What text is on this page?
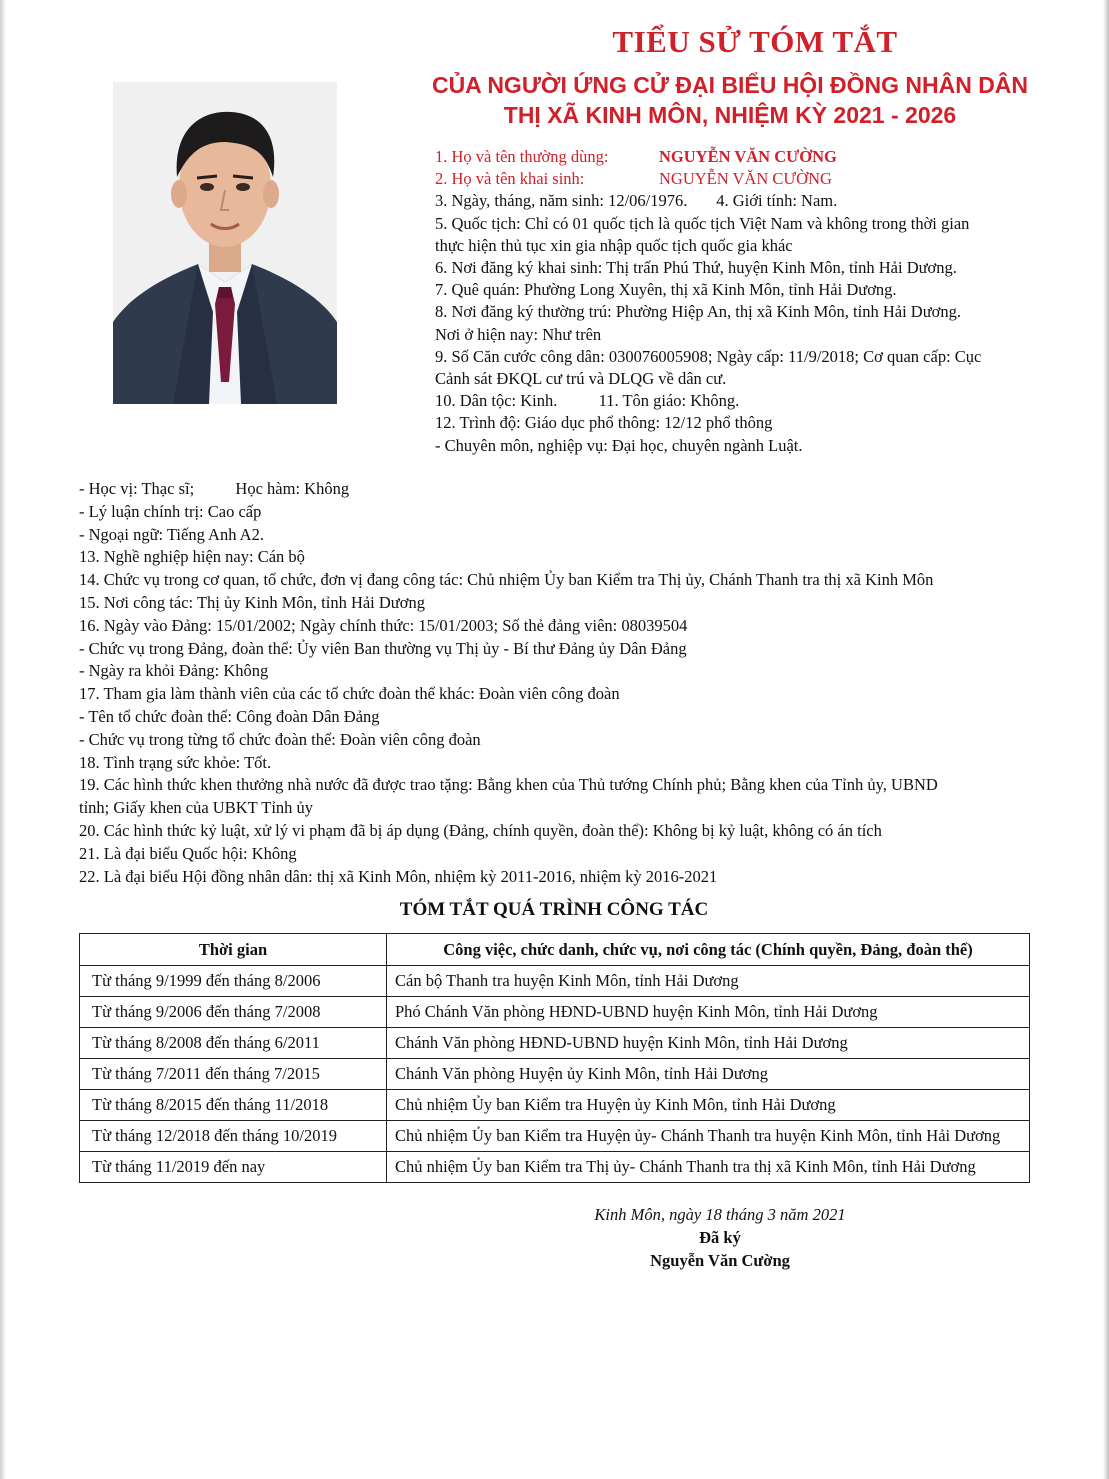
TIỂU SỬ TÓM TẮT
CỦA NGƯỜI ỨNG CỬ ĐẠI BIỂU HỘI ĐỒNG NHÂN DÂN
THỊ XÃ KINH MÔN, NHIỆM KỲ 2021 - 2026
1. Họ và tên thường dùng:	NGUYỄN VĂN CƯỜNG
2. Họ và tên khai sinh:	NGUYỄN VĂN CƯỜNG
3. Ngày, tháng, năm sinh: 12/06/1976. 4. Giới tính: Nam.
5. Quốc tịch: Chỉ có 01 quốc tịch là quốc tịch Việt Nam và không trong thời gian
thực hiện thủ tục xin gia nhập quốc tịch quốc gia khác
6. Nơi đăng ký khai sinh: Thị trấn Phú Thứ, huyện Kinh Môn, tỉnh Hải Dương.
7. Quê quán: Phường Long Xuyên, thị xã Kinh Môn, tỉnh Hải Dương.
8. Nơi đăng ký thường trú: Phường Hiệp An, thị xã Kinh Môn, tỉnh Hải Dương.
Nơi ở hiện nay: Như trên
9. Số Căn cước công dân: 030076005908; Ngày cấp: 11/9/2018; Cơ quan cấp: Cục
Cảnh sát ĐKQL cư trú và DLQG về dân cư.
10. Dân tộc: Kinh.	11. Tôn giáo: Không.
12. Trình độ: Giáo dục phổ thông: 12/12 phổ thông
- Chuyên môn, nghiệp vụ: Đại học, chuyên ngành Luật.
- Học vị: Thạc sĩ;	Học hàm: Không
- Lý luận chính trị: Cao cấp
- Ngoại ngữ: Tiếng Anh A2.
13. Nghề nghiệp hiện nay: Cán bộ
14. Chức vụ trong cơ quan, tổ chức, đơn vị đang công tác: Chủ nhiệm Ủy ban Kiểm tra Thị ủy, Chánh Thanh tra thị xã Kinh Môn
15. Nơi công tác: Thị ủy Kinh Môn, tỉnh Hải Dương
16. Ngày vào Đảng: 15/01/2002; Ngày chính thức: 15/01/2003; Số thẻ đảng viên: 08039504
- Chức vụ trong Đảng, đoàn thể: Ủy viên Ban thường vụ Thị ủy - Bí thư Đảng ủy Dân Đảng
- Ngày ra khỏi Đảng: Không
17. Tham gia làm thành viên của các tổ chức đoàn thể khác: Đoàn viên công đoàn
- Tên tổ chức đoàn thể: Công đoàn Dân Đảng
- Chức vụ trong từng tổ chức đoàn thể: Đoàn viên công đoàn
18. Tình trạng sức khỏe: Tốt.
19. Các hình thức khen thưởng nhà nước đã được trao tặng: Bằng khen của Thủ tướng Chính phủ; Bằng khen của Tỉnh ủy, UBND
tỉnh; Giấy khen của UBKT Tỉnh ủy
20. Các hình thức kỷ luật, xử lý vi phạm đã bị áp dụng (Đảng, chính quyền, đoàn thể): Không bị kỷ luật, không có án tích
21. Là đại biểu Quốc hội: Không
22. Là đại biểu Hội đồng nhân dân: thị xã Kinh Môn, nhiệm kỳ 2011-2016, nhiệm kỳ 2016-2021
TÓM TẮT QUÁ TRÌNH CÔNG TÁC
Thời gian	Công việc, chức danh, chức vụ, nơi công tác (Chính quyền, Đảng, đoàn thể)
Từ tháng 9/1999 đến tháng 8/2006	Cán bộ Thanh tra huyện Kinh Môn, tỉnh Hải Dương
Từ tháng 9/2006 đến tháng 7/2008	Phó Chánh Văn phòng HĐND-UBND huyện Kinh Môn, tỉnh Hải Dương
Từ tháng 8/2008 đến tháng 6/2011	Chánh Văn phòng HĐND-UBND huyện Kinh Môn, tỉnh Hải Dương
Từ tháng 7/2011 đến tháng 7/2015	Chánh Văn phòng Huyện ủy Kinh Môn, tỉnh Hải Dương
Từ tháng 8/2015 đến tháng 11/2018	Chủ nhiệm Ủy ban Kiểm tra Huyện ủy Kinh Môn, tỉnh Hải Dương
Từ tháng 12/2018 đến tháng 10/2019	Chủ nhiệm Ủy ban Kiểm tra Huyện ủy- Chánh Thanh tra huyện Kinh Môn, tỉnh Hải Dương
Từ tháng 11/2019 đến nay	Chủ nhiệm Ủy ban Kiểm tra Thị ủy- Chánh Thanh tra thị xã Kinh Môn, tỉnh Hải Dương
Kinh Môn, ngày 18 tháng 3 năm 2021
Đã ký
Nguyễn Văn Cường
